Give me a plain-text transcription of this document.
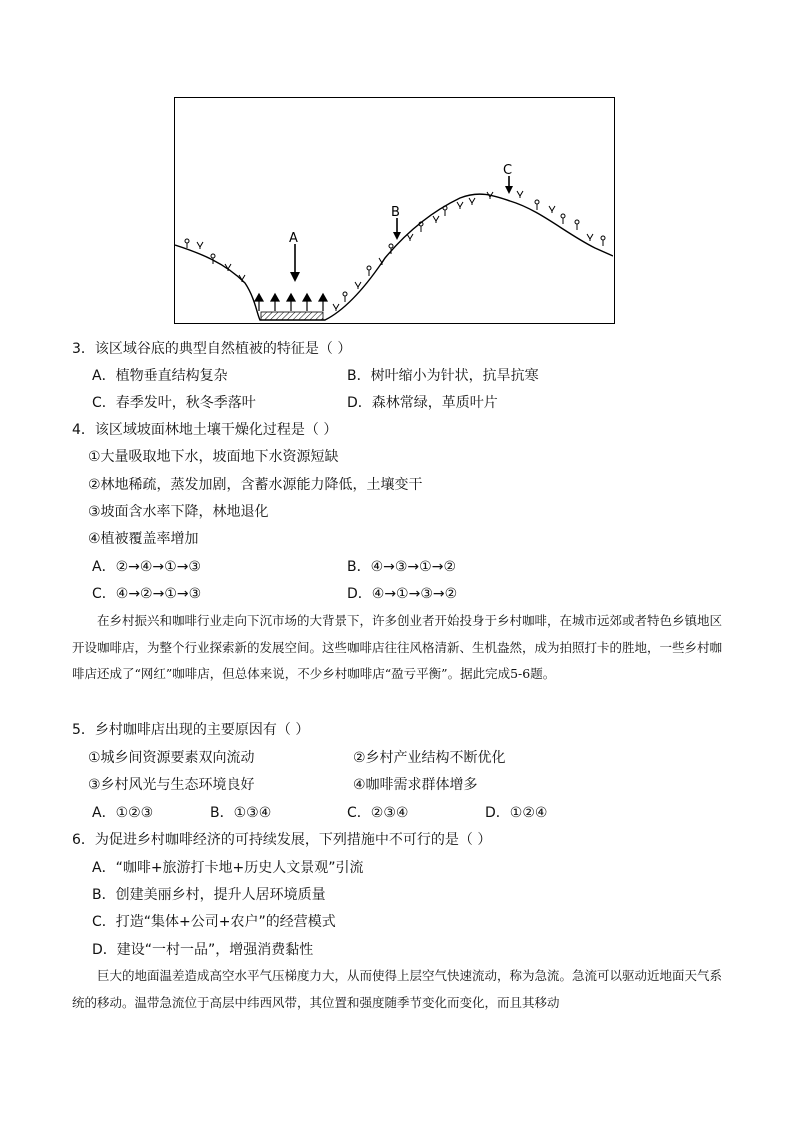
A
B
C
3．该区域谷底的典型自然植被的特征是（ ）
A．植物垂直结构复杂	B．树叶缩小为针状，抗旱抗寒
C．春季发叶，秋冬季落叶	D．森林常绿，革质叶片
4．该区域坡面林地土壤干燥化过程是（ ）
①大量吸取地下水，坡面地下水资源短缺
②林地稀疏，蒸发加剧，含蓄水源能力降低，土壤变干
③坡面含水率下降，林地退化
④植被覆盖率增加
A．②→④→①→③	B．④→③→①→②
C．④→②→①→③	D．④→①→③→②
在乡村振兴和咖啡行业走向下沉市场的大背景下，许多创业者开始投身于乡村咖啡，在城市远郊或者特色乡镇地区开设咖啡店，为整个行业探索新的发展空间。这些咖啡店往往风格清新、生机盎然，成为拍照打卡的胜地，一些乡村咖啡店还成了“网红”咖啡店，但总体来说，不少乡村咖啡店“盈亏平衡”。据此完成5-6题。
5．乡村咖啡店出现的主要原因有（ ）
①城乡间资源要素双向流动	②乡村产业结构不断优化
③乡村风光与生态环境良好	④咖啡需求群体增多
A．①②③	B．①③④	C．②③④	D．①②④
6．为促进乡村咖啡经济的可持续发展，下列措施中不可行的是（ ）
A．“咖啡+旅游打卡地+历史人文景观”引流
B．创建美丽乡村，提升人居环境质量
C．打造“集体+公司+农户”的经营模式
D．建设“一村一品”，增强消费黏性
巨大的地面温差造成高空水平气压梯度力大，从而使得上层空气快速流动，称为急流。急流可以驱动近地面天气系统的移动。温带急流位于高层中纬西风带，其位置和强度随季节变化而变化，而且其移动
